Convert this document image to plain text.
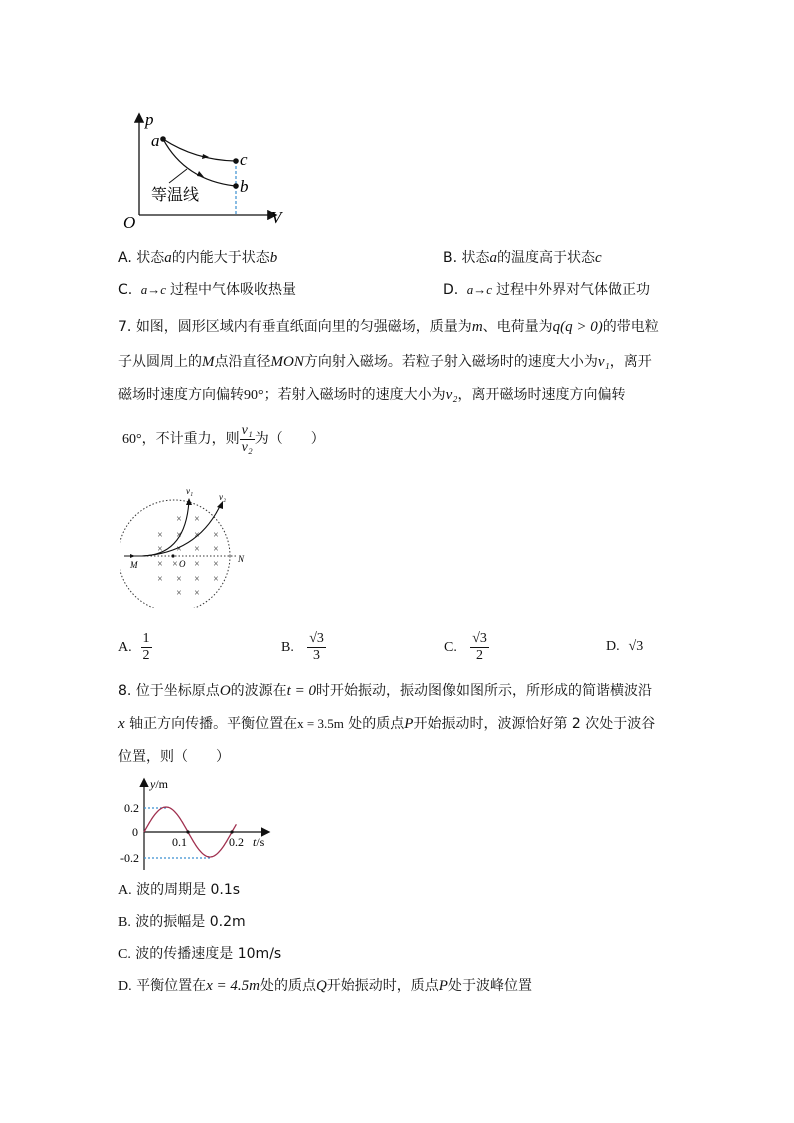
p
V
O
a
c
b
等温线
A. 状态a的内能大于状态b	B. 状态a的温度高于状态c
C. a→c 过程中气体吸收热量	D. a→c 过程中外界对气体做正功
7. 如图，圆形区域内有垂直纸面向里的匀强磁场，质量为m、电荷量为q(q > 0)的带电粒
子从圆周上的M点沿直径MON方向射入磁场。若粒子射入磁场时的速度大小为v₁，离开
磁场时速度方向偏转90°；若射入磁场时的速度大小为v₂，离开磁场时速度方向偏转
60°，不计重力，则 $\frac{\text{v₁}}{\text{v₂}}$ 为（　　）
× ×
× × × ×
× × × ×
× × × ×
× × × ×
× ×
v₁
v₂
M	O	N
A. $\frac{1}{2}$	B. $\frac{√3}{3}$	C. $\frac{√3}{2}$	D. √3
8. 位于坐标原点O的波源在t = 0时开始振动，振动图像如图所示，所形成的简谐横波沿
x 轴正方向传播。平衡位置在x = 3.5m 处的质点P开始振动时，波源恰好第 2 次处于波谷
位置，则（　　）
y/m
t/s
0.2
0
-0.2
0.1	0.2
A. 波的周期是 0.1s
B. 波的振幅是 0.2m
C. 波的传播速度是 10m/s
D. 平衡位置在x = 4.5m处的质点Q开始振动时，质点P处于波峰位置
